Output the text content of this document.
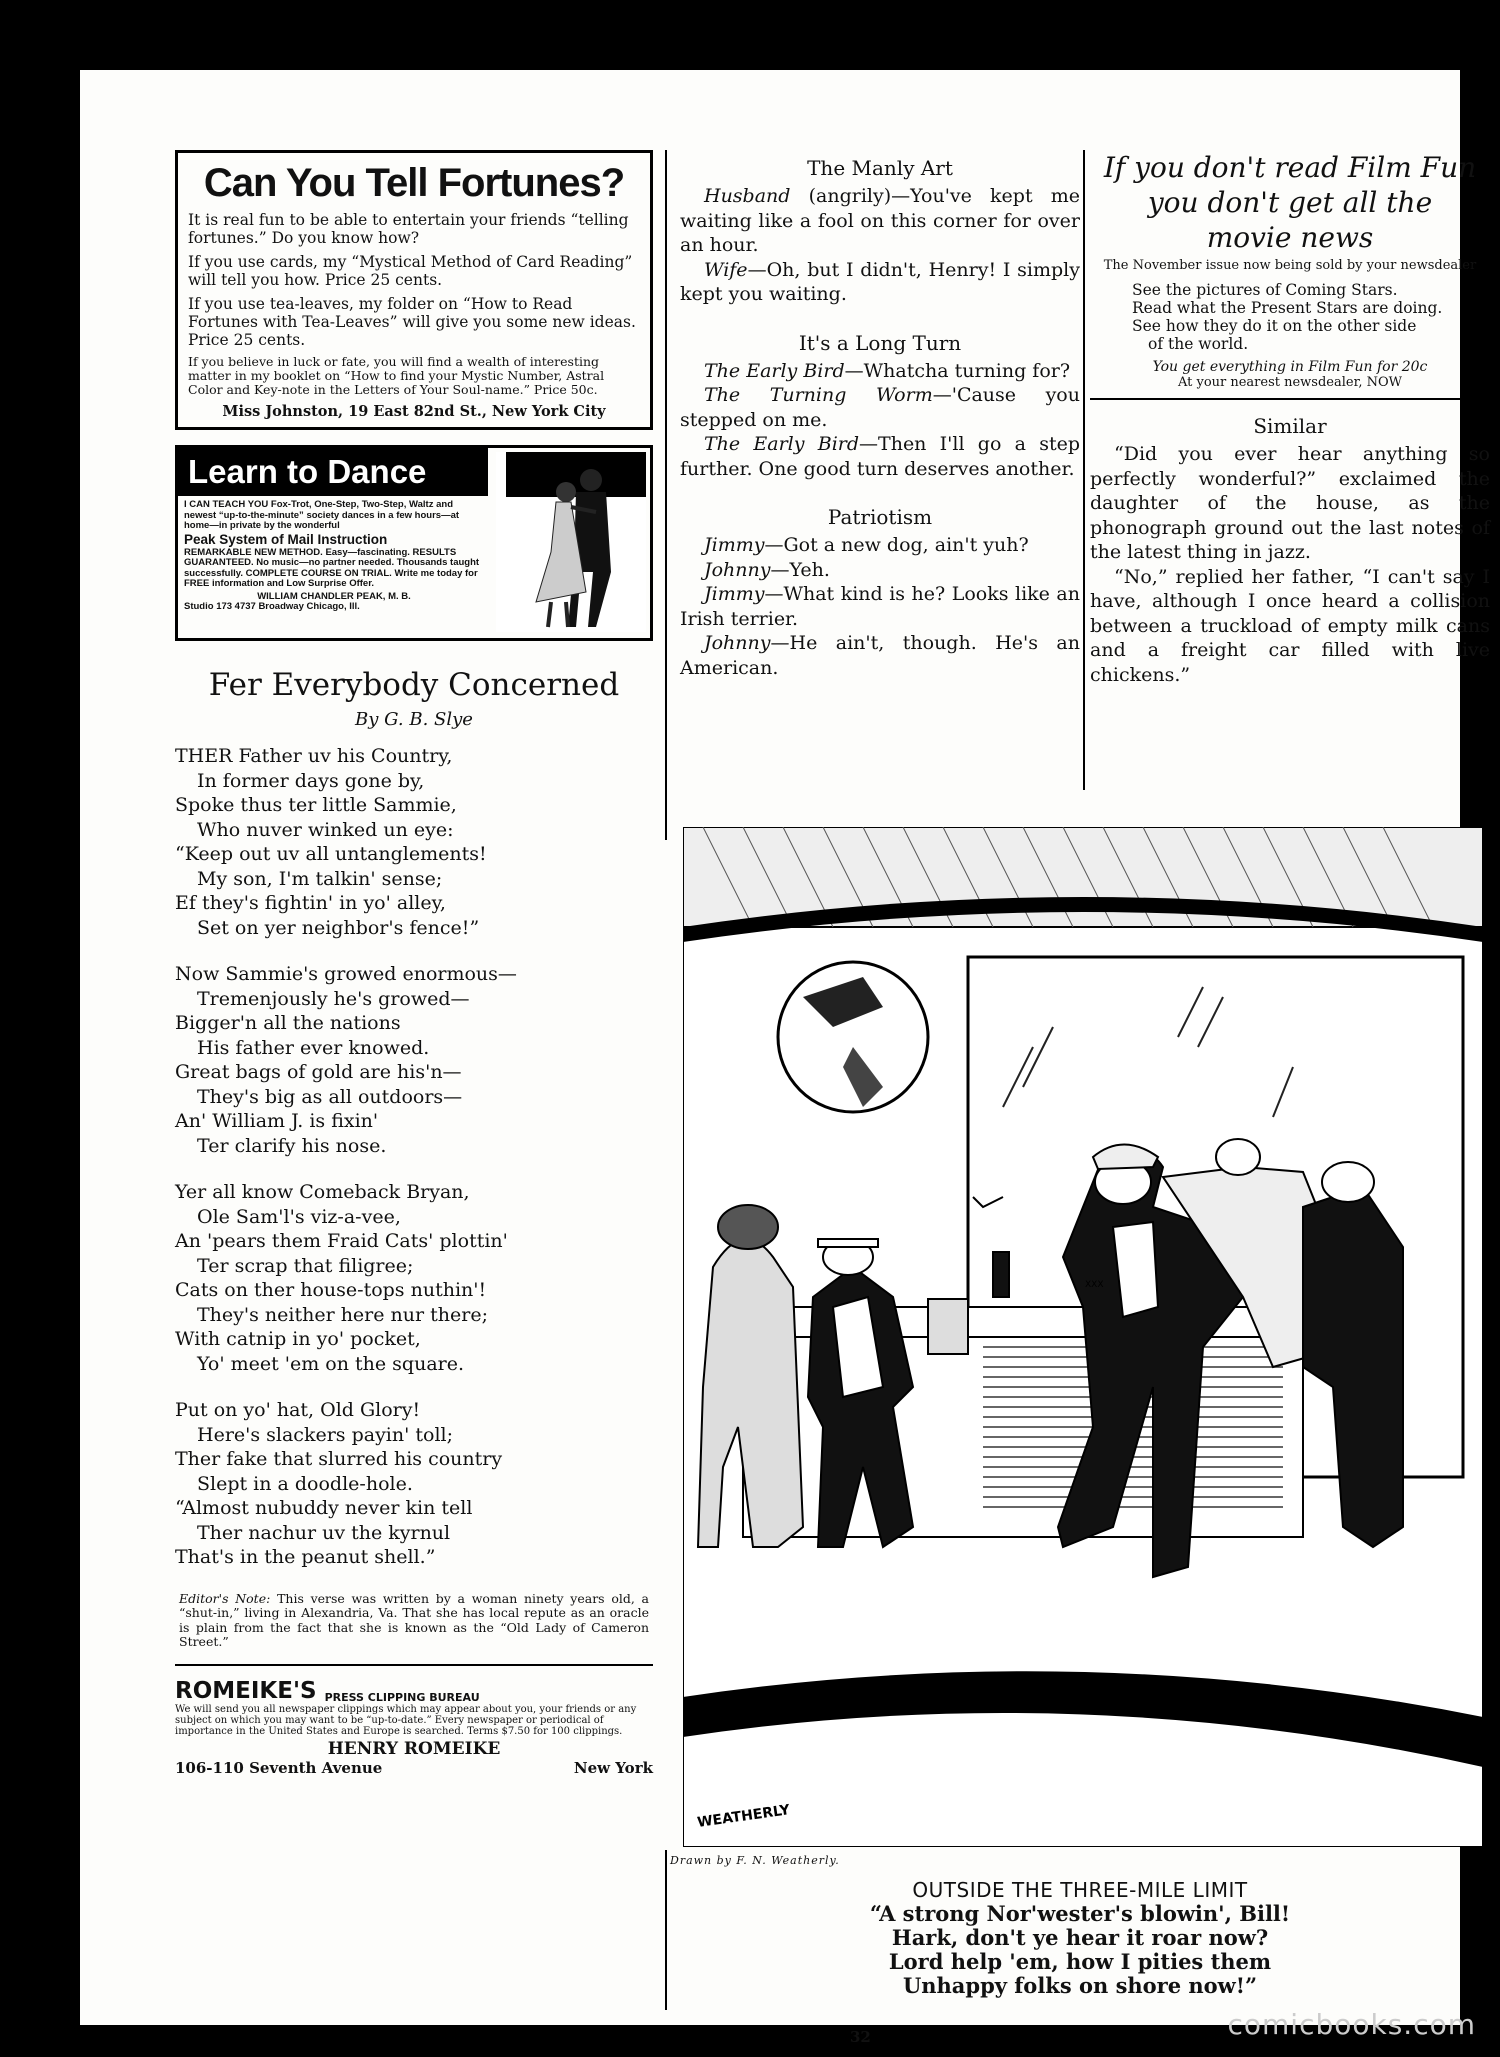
Can You Tell Fortunes?

It is real fun to be able to entertain your friends “telling fortunes.” Do you know how?

If you use cards, my “Mystical Method of Card Reading” will tell you how. Price 25 cents.

If you use tea-leaves, my folder on “How to Read Fortunes with Tea-Leaves” will give you some new ideas. Price 25 cents.

If you believe in luck or fate, you will find a wealth of interesting matter in my booklet on “How to find your Mystic Number, Astral Color and Key-note in the Letters of Your Soul-name.” Price 50c.

Miss Johnston, 19 East 82nd St., New York City
Learn to Dance
I CAN TEACH YOU Fox-Trot, One-Step, Two-Step, Waltz and newest “up-to-the-minute” society dances in a few hours—at home—in private by the wonderful
Peak System of Mail Instruction
REMARKABLE NEW METHOD. Easy—fascinating. RESULTS GUARANTEED. No music—no partner needed. Thousands taught successfully. COMPLETE COURSE ON TRIAL. Write me today for FREE information and Low Surprise Offer.
WILLIAM CHANDLER PEAK, M. B.
Studio 173 4737 Broadway Chicago, Ill.
Fer Everybody Concerned
By G. B. Slye
THER Father uv his Country,
In former days gone by,
Spoke thus ter little Sammie,
Who nuver winked un eye:
“Keep out uv all untanglements!
My son, I'm talkin' sense;
Ef they's fightin' in yo' alley,
Set on yer neighbor's fence!”
Now Sammie's growed enormous—
Tremenjously he's growed—
Bigger'n all the nations
His father ever knowed.
Great bags of gold are his'n—
They's big as all outdoors—
An' William J. is fixin'
Ter clarify his nose.
Yer all know Comeback Bryan,
Ole Sam'l's viz-a-vee,
An 'pears them Fraid Cats' plottin'
Ter scrap that filigree;
Cats on ther house-tops nuthin'!
They's neither here nur there;
With catnip in yo' pocket,
Yo' meet 'em on the square.
Put on yo' hat, Old Glory!
Here's slackers payin' toll;
Ther fake that slurred his country
Slept in a doodle-hole.
“Almost nubuddy never kin tell
Ther nachur uv the kyrnul
That's in the peanut shell.”
Editor's Note: This verse was written by a woman ninety years old, a “shut-in,” living in Alexandria, Va. That she has local repute as an oracle is plain from the fact that she is known as the “Old Lady of Cameron Street.”
ROMEIKE'S PRESS CLIPPING BUREAU
We will send you all newspaper clippings which may appear about you, your friends or any subject on which you may want to be “up-to-date.” Every newspaper or periodical of importance in the United States and Europe is searched. Terms $7.50 for 100 clippings.
HENRY ROMEIKE
106-110 Seventh Avenue	New York
The Manly Art

Husband (angrily)—You've kept me waiting like a fool on this corner for over an hour.

Wife—Oh, but I didn't, Henry! I simply kept you waiting.

It's a Long Turn

The Early Bird—Whatcha turning for?

The Turning Worm—'Cause you stepped on me.

The Early Bird—Then I'll go a step further. One good turn deserves another.

Patriotism

Jimmy—Got a new dog, ain't yuh?

Johnny—Yeh.

Jimmy—What kind is he? Looks like an Irish terrier.

Johnny—He ain't, though. He's an American.

If you don't read Film Fun
you don't get all the
movie news
The November issue now being sold by your newsdealer
See the pictures of Coming Stars.
Read what the Present Stars are doing.
See how they do it on the other side
of the world.
You get everything in Film Fun for 20c
At your nearest newsdealer, NOW
Similar

“Did you ever hear anything so perfectly wonderful?” exclaimed the daughter of the house, as the phonograph ground out the last notes of the latest thing in jazz.

“No,” replied her father, “I can't say I have, although I once heard a collision between a truckload of empty milk cans and a freight car filled with live chickens.”

XXX
WEATHERLY
Drawn by F. N. Weatherly.
OUTSIDE THE THREE-MILE LIMIT
“A strong Nor'wester's blowin', Bill!
Hark, don't ye hear it roar now?
Lord help 'em, how I pities them
Unhappy folks on shore now!”
32	comicbooks.com
